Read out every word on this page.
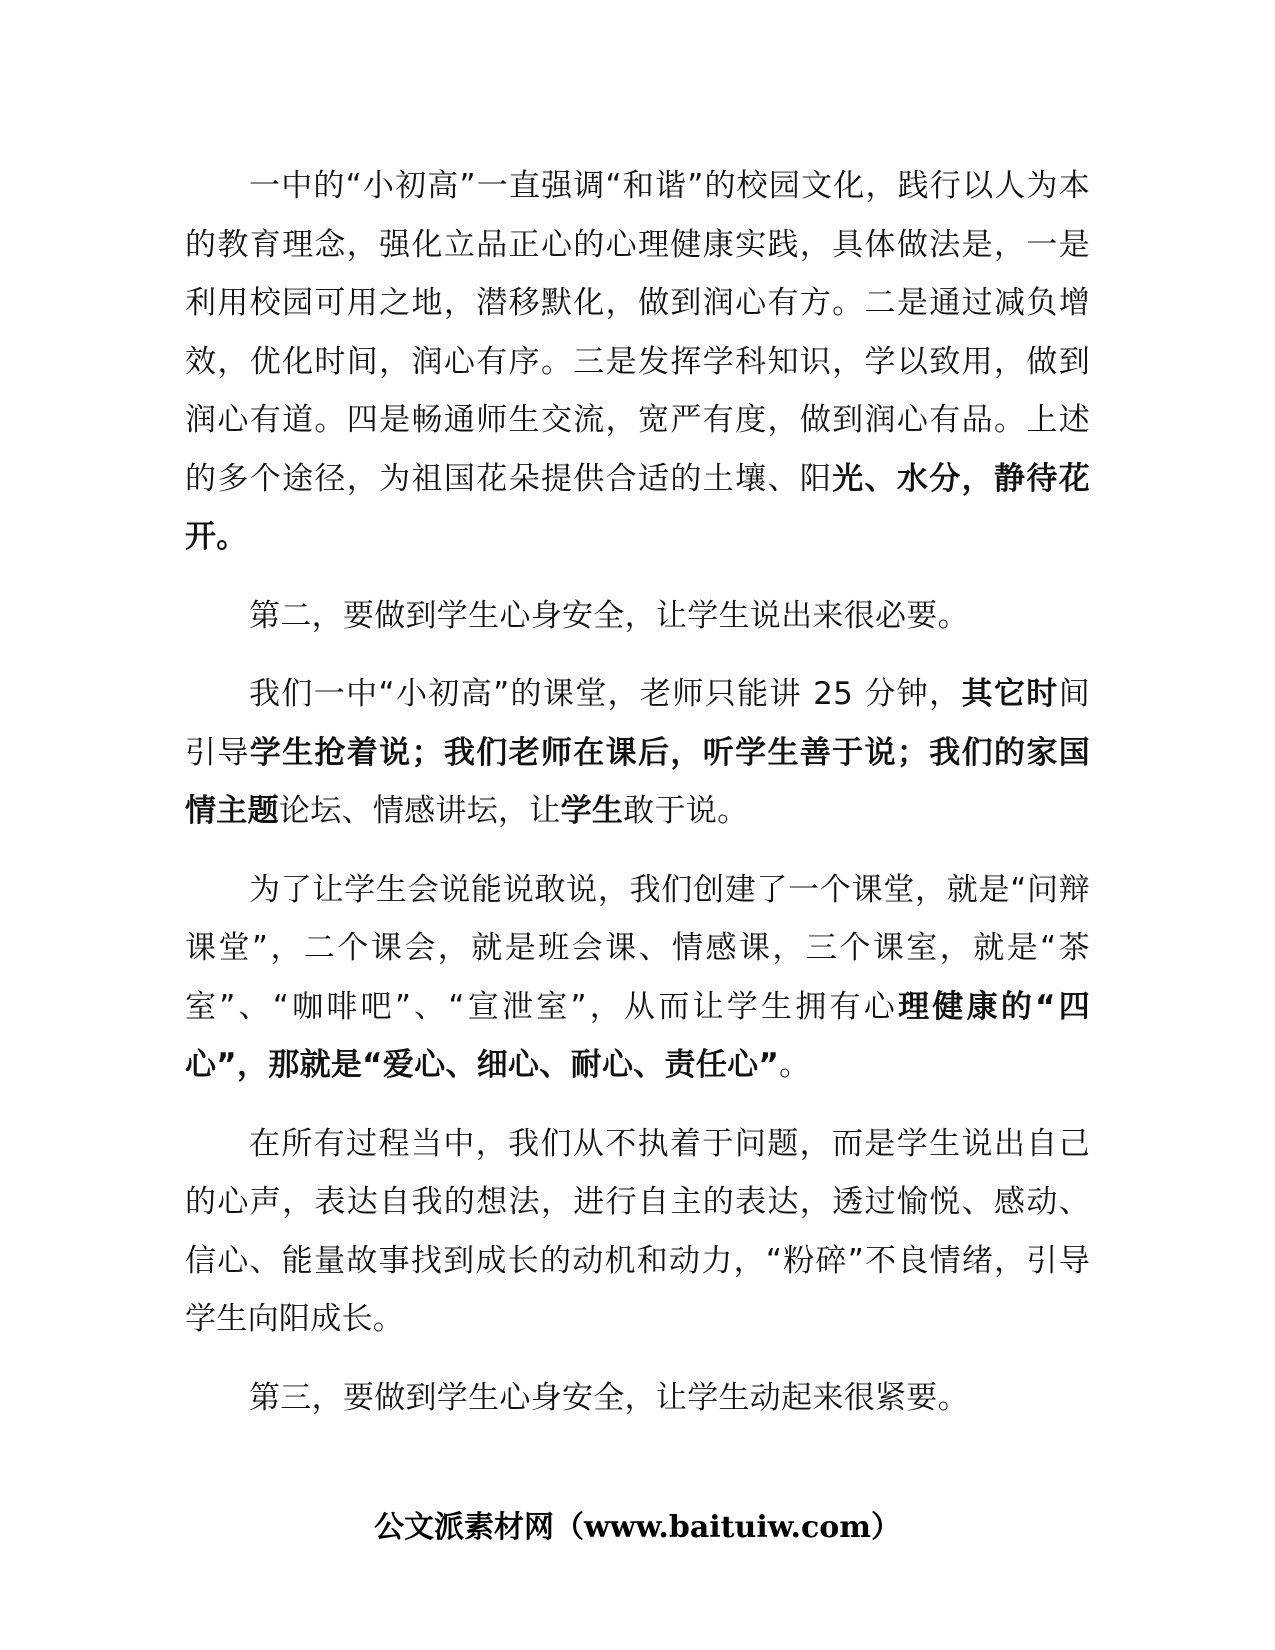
一中的“小初高”一直强调“和谐”的校园文化，践行以人为本的教育理念，强化立品正心的心理健康实践，具体做法是，一是利用校园可用之地，潜移默化，做到润心有方。二是通过减负增效，优化时间，润心有序。三是发挥学科知识，学以致用，做到润心有道。四是畅通师生交流，宽严有度，做到润心有品。上述的多个途径，为祖国花朵提供合适的土壤、阳光、水分，静待花开。

第二，要做到学生心身安全，让学生说出来很必要。

我们一中“小初高”的课堂，老师只能讲 25 分钟，其它时间引导学生抢着说；我们老师在课后，听学生善于说；我们的家国情主题论坛、情感讲坛，让学生敢于说。

为了让学生会说能说敢说，我们创建了一个课堂，就是“问辩课堂”，二个课会，就是班会课、情感课，三个课室，就是“茶室”、“咖啡吧”、“宣泄室”，从而让学生拥有心理健康的“四心”，那就是“爱心、细心、耐心、责任心”。

在所有过程当中，我们从不执着于问题，而是学生说出自己的心声，表达自我的想法，进行自主的表达，透过愉悦、感动、信心、能量故事找到成长的动机和动力，“粉碎”不良情绪，引导学生向阳成长。

第三，要做到学生心身安全，让学生动起来很紧要。

公文派素材网（www.baituiw.com）
